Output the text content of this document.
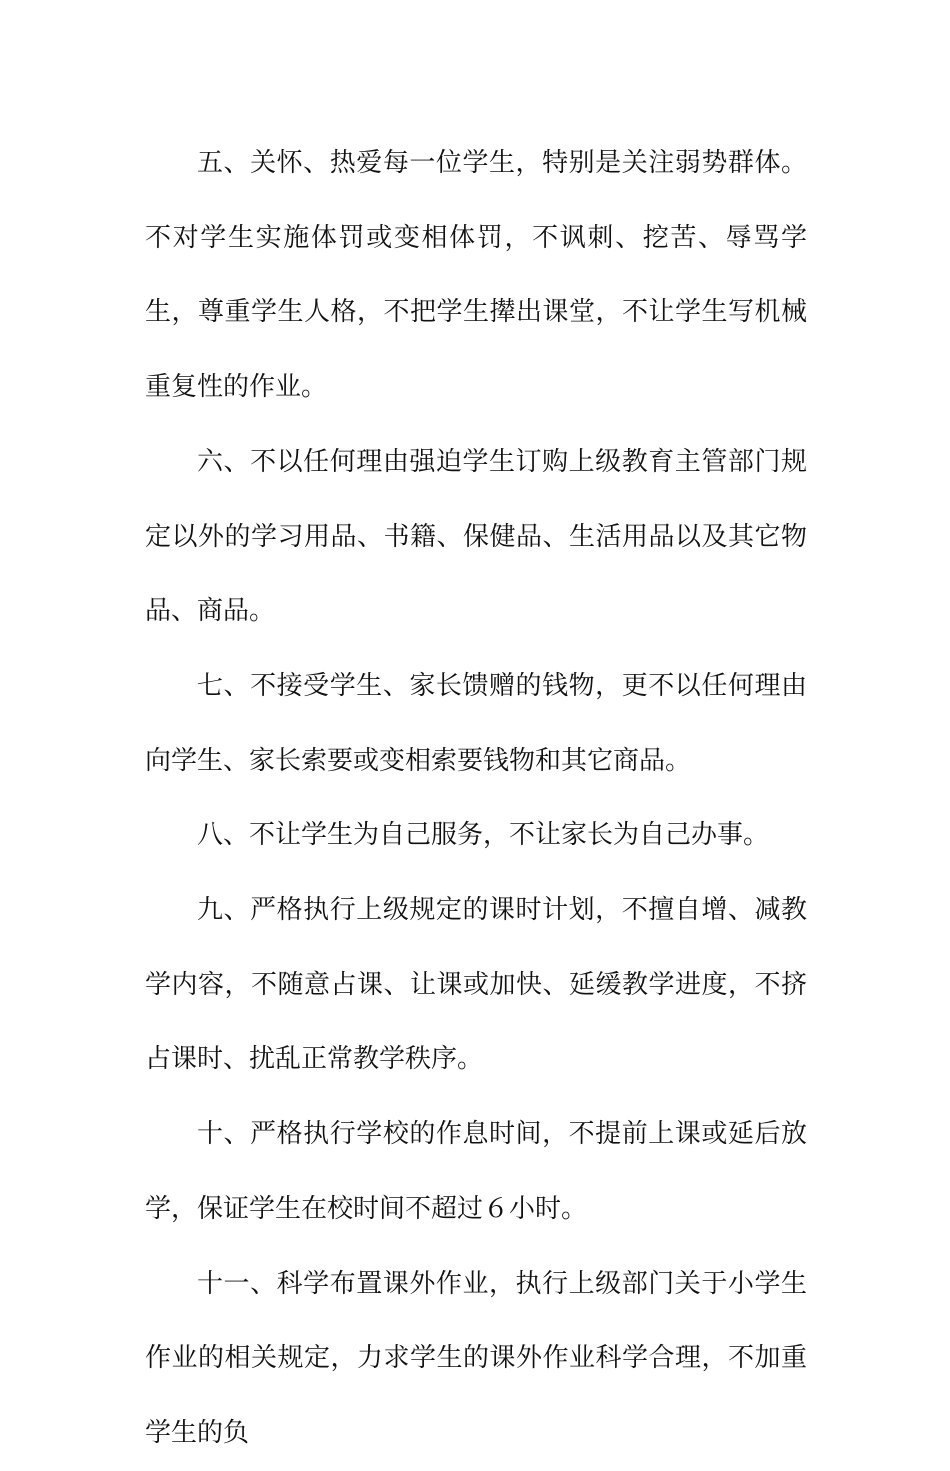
五、关怀、热爱每一位学生，特别是关注弱势群体。不对学生实施体罚或变相体罚，不讽刺、挖苦、辱骂学生，尊重学生人格，不把学生撵出课堂，不让学生写机械重复性的作业。

六、不以任何理由强迫学生订购上级教育主管部门规定以外的学习用品、书籍、保健品、生活用品以及其它物品、商品。

七、不接受学生、家长馈赠的钱物，更不以任何理由向学生、家长索要或变相索要钱物和其它商品。

八、不让学生为自己服务，不让家长为自己办事。

九、严格执行上级规定的课时计划，不擅自增、减教学内容，不随意占课、让课或加快、延缓教学进度，不挤占课时、扰乱正常教学秩序。

十、严格执行学校的作息时间，不提前上课或延后放学，保证学生在校时间不超过６小时。

十一、科学布置课外作业，执行上级部门关于小学生作业的相关规定，力求学生的课外作业科学合理，不加重学生的负
